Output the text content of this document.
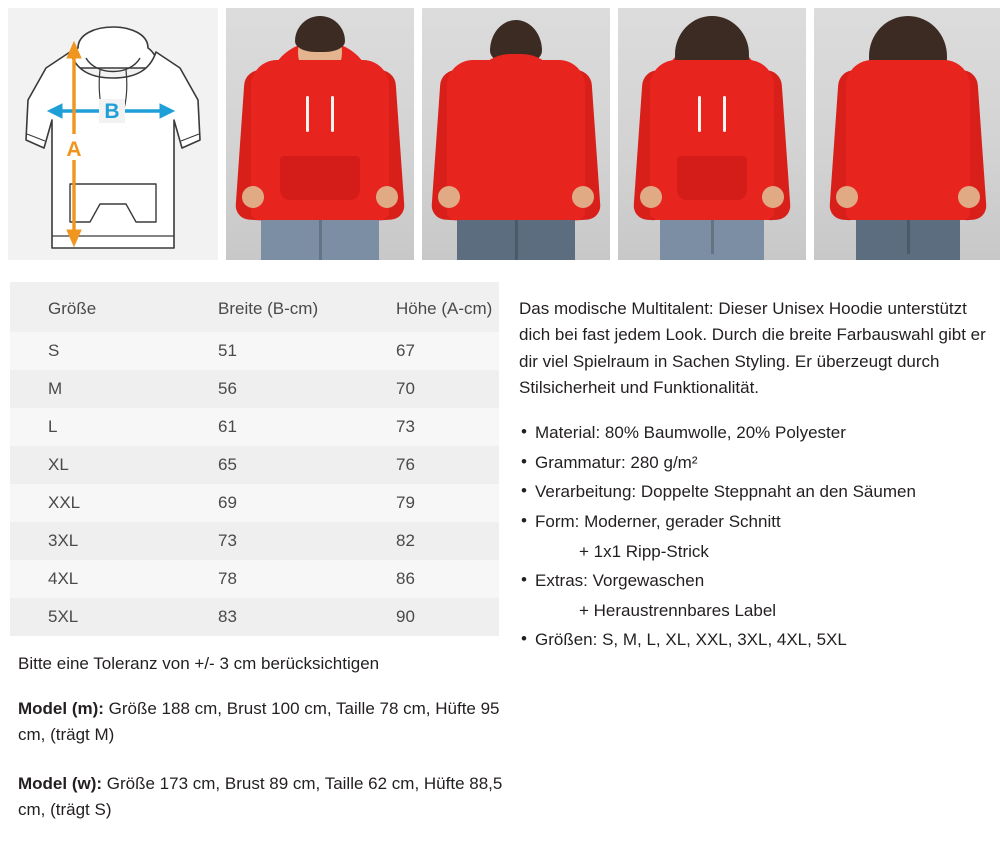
B
A
Größe	Breite (B-cm)	Höhe (A-cm)
S	51	67
M	56	70
L	61	73
XL	65	76
XXL	69	79
3XL	73	82
4XL	78	86
5XL	83	90
Bitte eine Toleranz von +/- 3 cm berücksichtigen
Model (m): Größe 188 cm, Brust 100 cm, Taille 78 cm, Hüfte 95 cm, (trägt M)
Model (w): Größe 173 cm, Brust 89 cm, Taille 62 cm, Hüfte 88,5 cm, (trägt S)

Das modische Multitalent: Dieser Unisex Hoodie unterstützt dich bei fast jedem Look. Durch die breite Farbauswahl gibt er dir viel Spielraum in Sachen Styling. Er überzeugt durch Stilsicherheit und Funktionalität.

• Material: 80% Baumwolle, 20% Polyester
• Grammatur: 280 g/m²
• Verarbeitung: Doppelte Steppnaht an den Säumen
• Form: Moderner, gerader Schnitt
+ 1x1 Ripp-Strick
• Extras: Vorgewaschen
+ Heraustrennbares Label
• Größen: S, M, L, XL, XXL, 3XL, 4XL, 5XL
